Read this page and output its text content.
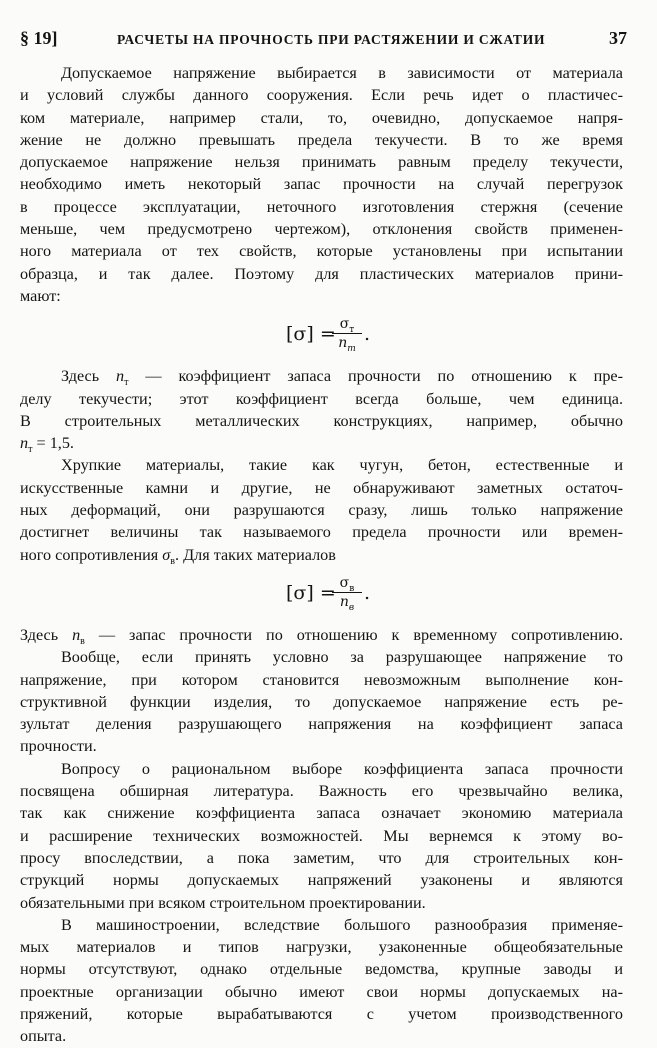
§ 19]	РАСЧЕТЫ НА ПРОЧНОСТЬ ПРИ РАСТЯЖЕНИИ И СЖАТИИ	37
Допускаемое напряжение выбирается в зависимости от материала
и условий службы данного сооружения. Если речь идет о пластичес-
ком материале, например стали, то, очевидно, допускаемое напря-
жение не должно превышать предела текучести. В то же время
допускаемое напряжение нельзя принимать равным пределу текучести,
необходимо иметь некоторый запас прочности на случай перегрузок
в процессе эксплуатации, неточного изготовления стержня (сечение
меньше, чем предусмотрено чертежом), отклонения свойств применен-
ного материала от тех свойств, которые установлены при испытании
образца, и так далее. Поэтому для пластических материалов прини-
мают:
$[\sigma] = \sigma_т$
$n_т$
.
Здесь $n_т$ — коэффициент запаса прочности по отношению к пре-
делу текучести; этот коэффициент всегда больше, чем единица.
В строительных металлических конструкциях, например, обычно
$n_т = 1,5$.
Хрупкие материалы, такие как чугун, бетон, естественные и
искусственные камни и другие, не обнаруживают заметных остаточ-
ных деформаций, они разрушаются сразу, лишь только напряжение
достигнет величины так называемого предела прочности или времен-
ного сопротивления $\sigma_в$. Для таких материалов
$[\sigma] = \sigma_в$
$n_в$
.
Здесь $n_в$ — запас прочности по отношению к временному сопротивлению.
Вообще, если принять условно за разрушающее напряжение то
напряжение, при котором становится невозможным выполнение кон-
структивной функции изделия, то допускаемое напряжение есть ре-
зультат деления разрушающего напряжения на коэффициент запаса
прочности.
Вопросу о рациональном выборе коэффициента запаса прочности
посвящена обширная литература. Важность его чрезвычайно велика,
так как снижение коэффициента запаса означает экономию материала
и расширение технических возможностей. Мы вернемся к этому во-
просу впоследствии, а пока заметим, что для строительных кон-
струкций нормы допускаемых напряжений узаконены и являются
обязательными при всяком строительном проектировании.
В машиностроении, вследствие большого разнообразия применяе-
мых материалов и типов нагрузки, узаконенные общеобязательные
нормы отсутствуют, однако отдельные ведомства, крупные заводы и
проектные организации обычно имеют свои нормы допускаемых на-
пряжений, которые вырабатываются с учетом производственного
опыта.
